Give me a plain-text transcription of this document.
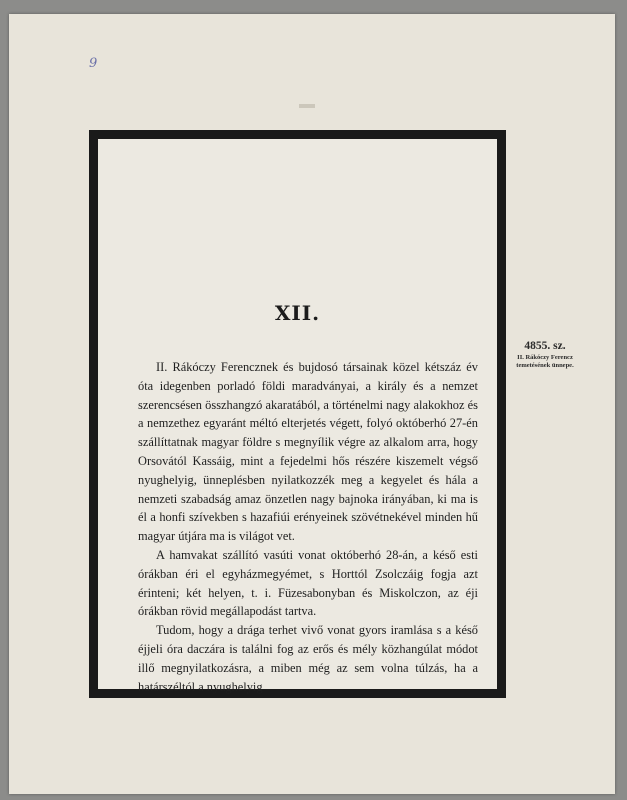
9
XII.

II. Rákóczy Ferencznek és bujdosó társainak közel kétszáz év óta idegenben porladó földi maradványai, a király és a nemzet szerencsésen összhangzó akaratából, a történelmi nagy alakokhoz és a nemzethez egyaránt méltó elterjetés végett, folyó októberhó 27-én szállíttatnak magyar földre s megnyílik végre az alkalom arra, hogy Orsovától Kassáig, mint a fejedelmi hős részére kiszemelt végső nyughelyig, ünneplésben nyilatkozzék meg a kegyelet és hála a nemzeti szabadság amaz önzetlen nagy bajnoka irányában, ki ma is él a honfi szívekben s hazafiúi erényeinek szövétnekével minden hű magyar útjára ma is világot vet.

A hamvakat szállító vasúti vonat októberhó 28-án, a késő esti órákban éri el egyházmegyémet, s Horttól Zsolczáig fogja azt érinteni; két helyen, t. i. Füzesabonyban és Miskolczon, az éji órákban rövid megállapodást tartva.

Tudom, hogy a drága terhet vivő vonat gyors iramlása s a késő éjjeli óra daczára is találni fog az erős és mély közhangúlat módot illő megnyilatkozásra, a miben még az sem volna túlzás, ha a határszéltól a nyughelyig

4855. sz.
II. Rákóczy Ferencz temetésének ünnepe.
